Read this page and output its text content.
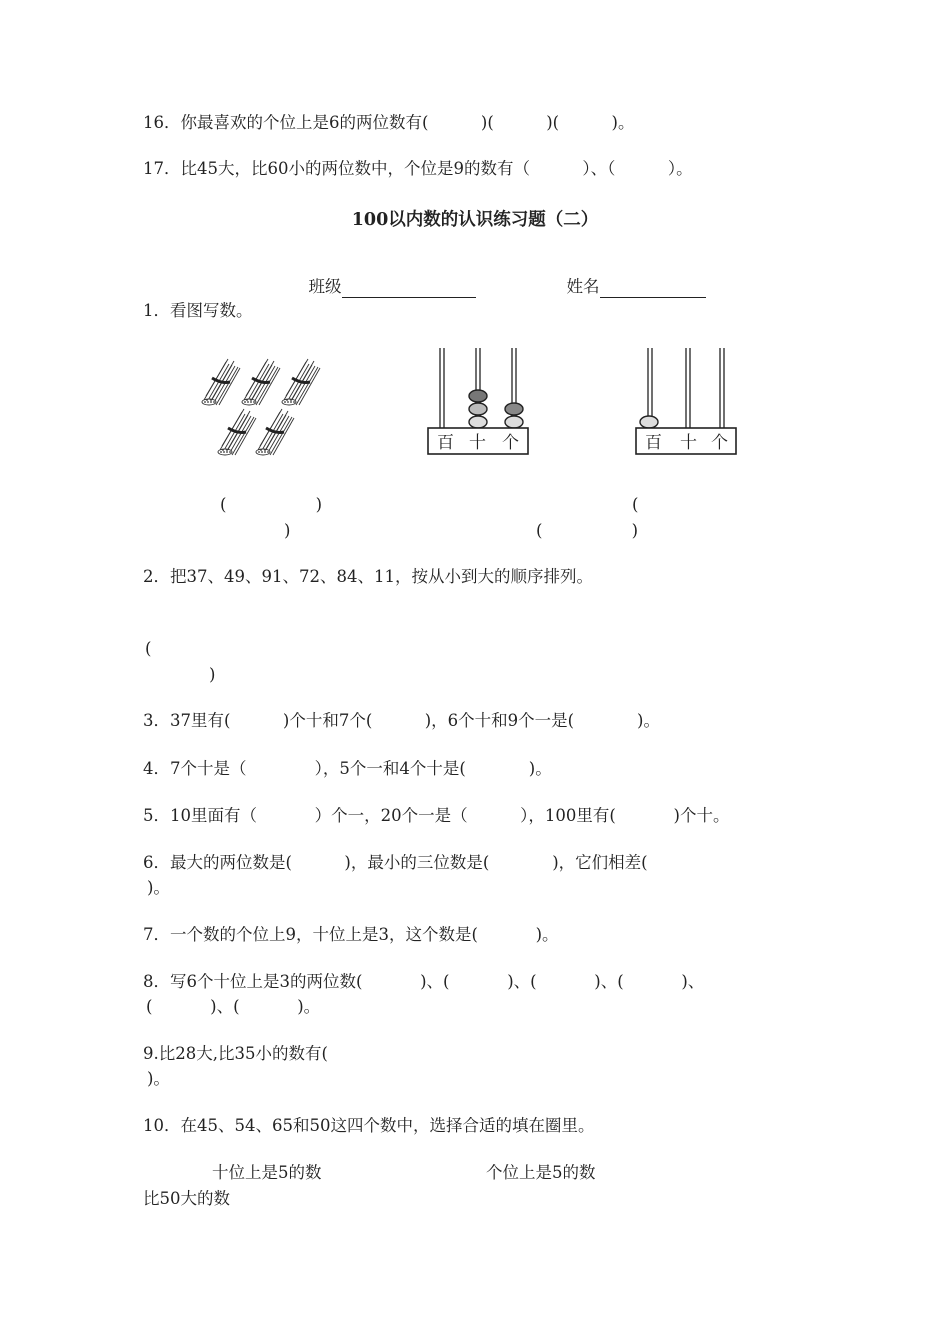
16．你最喜欢的个位上是6的两位数有(          )(          )(          )。
17．比45大，比60小的两位数中，个位是9的数有（          ）、（          ）。
100以内数的认识练习题（二）

班级	姓名

1．看图写数。
百 十 个	百 十 个
(                 )	(
)	(                 )
2．把37、49、91、72、84、11，按从小到大的顺序排列。
(
)
3．37里有(          )个十和7个(          )，6个十和9个一是(            )。
4．7个十是（             ），5个一和4个十是(            )。
5．10里面有（           ）个一，20个一是（          ），100里有(           )个十。
6．最大的两位数是(          )，最小的三位数是(            )，它们相差(
)。
7．一个数的个位上9，十位上是3，这个数是(           )。
8．写6个十位上是3的两位数(           )、(           )、(           )、(           )、
(           )、(           )。
9.比28大,比35小的数有(
)。
10．在45、54、65和50这四个数中，选择合适的填在圈里。
十位上是5的数	个位上是5的数
比50大的数
